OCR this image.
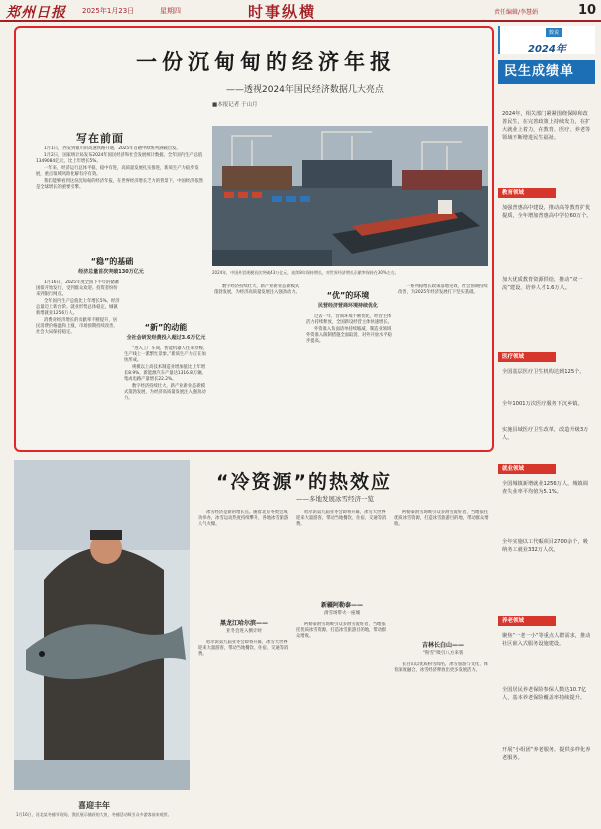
郑州日报 2025年1月23日	星期四	时事纵横	责任编辑/李慧娟	10
一份沉甸甸的经济年报
——透视2024年国民经济数据几大亮点
■本报记者 于山月
写在前面

1月1日，西安到银川的高速铁路开通，2025年首趟中欧班列满载出发。

1月2日，国家统计局发布2024年国民经济和社会发展统计数据，全年国内生产总值1349084亿元，比上年增长5%。

一年来，经济运行总体平稳、稳中有进，高质量发展扎实推进，新质生产力稳步发展，重点领域风险化解有序有效。

我们能够看到这份沉甸甸的经济年报，在世界经济增长乏力的背景下，中国经济依然是全球增长的重要引擎。

2024年，中国外贸规模首次突破43万亿元，连续8年保持增长，对世界经济增长贡献率保持在30%左右。
“稳”的基础
经济总量首次突破130万亿元

1月16日，2025年度全国下半年的储蓄国债开始发行，受到群众欢迎。投资者纷纷来到银行网点。

全年国内生产总值比上年增长5%，经济总量迈上新台阶。就业形势总体稳定，城镇新增就业1256万人。

消费对经济增长的贡献率不断提升，居民消费价格温和上涨，市场预期持续改善，社会大局保持稳定。

“新”的动能
全社会研发经费投入超过3.6万亿元

“进入工厂车间，智能机器人往来穿梭，生产线上一派繁忙景象。”新质生产力正在加快形成。

规模以上高技术制造业增加值比上年增长8.9%，新能源汽车产量达1316.8万辆，集成电路产量增长22.2%。

数字经济持续壮大，新产业新业态新模式蓬勃发展，为经济高质量发展注入强劲动力。

“优”的环境
民营经济营商环境持续优化

数字经济持续壮大，新产业新业态新模式蓬勃发展，为经济高质量发展注入强劲动力。

过去一年，营商环境不断优化，经营主体活力持续释放，全国新设经营主体快速增长。

外资准入负面清单持续缩减，制造业领域外资准入限制措施全面取消，对外开放水平稳步提高。

一系列稳增长政策落地见效，社会预期持续改善，为2025年经济发展打下坚实基础。

数说
2024年
民生成绩单
2024年，相关部门紧紧围绕保障和改善民生，在完善政策上持续发力，在扩大就业上着力，在教育、医疗、养老等领域不断增进民生福祉。
教育领域
加强普惠高中建设，推动高等教育扩优提质，全年增加普惠高中学位60万个。
加大优质教育资源供给，推动“双一流”建设，培养人才1.6万人。
医疗领域
全国基层医疗卫生机构达到125个。
全年1001万次医疗服务下沉乡镇。
实施县域医疗卫生改革，改造升级3万人。
就业领域
全国城镇新增就业1256万人，城镇调查失业率平均值为5.1%。
全年实施以工代赈项目2700余个，吸纳务工就业332万人次。
养老领域
聚焦“一老一小”等重点人群需求，推动社区嵌入式服务设施建设。
全国居民养老保险参保人数达10.7亿人，基本养老保险覆盖率持续提升。
开展“小组团”养老服务，提供多样化养老服务。
喜迎丰年
1月16日，河北某冬捕节现场，渔民展示捕获的大鱼，冬捕活动吸引众多游客前来观赏。
“冷资源”的热效应
——多地发展冰雪经济一览

冰雪经济是新的增长点。随着北京冬奥会成功举办，冰雪运动热度持续攀升，各地冰雪旅游人气火爆。

黑龙江哈尔滨——
亚冬会进入倒计时

哈尔滨第九届亚冬会即将开幕，冰雪大世界迎来大量游客，带动当地餐饮、住宿、交通等消费。

哈尔滨第九届亚冬会即将开幕，冰雪大世界迎来大量游客，带动当地餐饮、住宿、交通等消费。

新疆阿勒泰——
滑雪场带火一座城

阿勒泰滑雪场吸引众多滑雪爱好者，当地依托优质冰雪资源，打造冰雪旅游目的地，带动群众增收。

阿勒泰滑雪场吸引众多滑雪爱好者，当地依托优质冰雪资源，打造冰雪旅游目的地，带动群众增收。

吉林长白山——
“粉雪”吸引八方来客

长白山以优质粉雪闻名，冰雪旅游与文化、体育深度融合，冰雪经济释放出更多发展活力。
